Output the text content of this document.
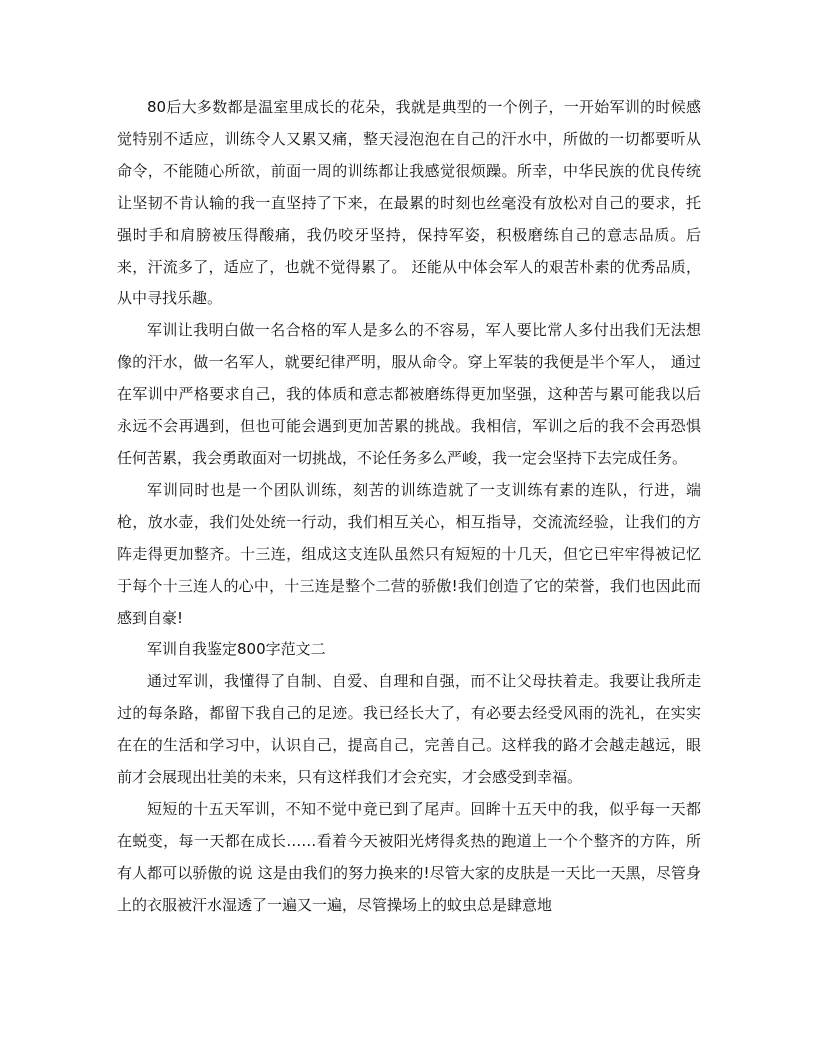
80后大多数都是温室里成长的花朵，我就是典型的一个例子，一开始军训的时候感觉特别不适应，训练令人又累又痛，整天浸泡泡在自己的汗水中，所做的一切都要听从命令，不能随心所欲，前面一周的训练都让我感觉很烦躁。所幸，中华民族的优良传统让坚韧不肯认输的我一直坚持了下来，在最累的时刻也丝毫没有放松对自己的要求，托强时手和肩膀被压得酸痛，我仍咬牙坚持，保持军姿，积极磨练自己的意志品质。后来，汗流多了，适应了，也就不觉得累了。 还能从中体会军人的艰苦朴素的优秀品质，从中寻找乐趣。

军训让我明白做一名合格的军人是多么的不容易，军人要比常人多付出我们无法想像的汗水，做一名军人，就要纪律严明，服从命令。穿上军装的我便是半个军人， 通过在军训中严格要求自己，我的体质和意志都被磨练得更加坚强，这种苦与累可能我以后永远不会再遇到，但也可能会遇到更加苦累的挑战。我相信，军训之后的我不会再恐惧任何苦累，我会勇敢面对一切挑战，不论任务多么严峻，我一定会坚持下去完成任务。

军训同时也是一个团队训练，刻苦的训练造就了一支训练有素的连队，行进，端枪，放水壶，我们处处统一行动，我们相互关心，相互指导，交流流经验，让我们的方阵走得更加整齐。十三连，组成这支连队虽然只有短短的十几天，但它已牢牢得被记忆于每个十三连人的心中，十三连是整个二营的骄傲!我们创造了它的荣誉，我们也因此而感到自豪!

军训自我鉴定800字范文二

通过军训，我懂得了自制、自爱、自理和自强，而不让父母扶着走。我要让我所走过的每条路，都留下我自己的足迹。我已经长大了，有必要去经受风雨的洗礼，在实实在在的生活和学习中，认识自己，提高自己，完善自己。这样我的路才会越走越远，眼前才会展现出壮美的未来，只有这样我们才会充实，才会感受到幸福。

短短的十五天军训，不知不觉中竟已到了尾声。回眸十五天中的我，似乎每一天都在蜕变，每一天都在成长……看着今天被阳光烤得炙热的跑道上一个个整齐的方阵，所有人都可以骄傲的说 这是由我们的努力换来的!尽管大家的皮肤是一天比一天黑，尽管身上的衣服被汗水湿透了一遍又一遍，尽管操场上的蚊虫总是肆意地
